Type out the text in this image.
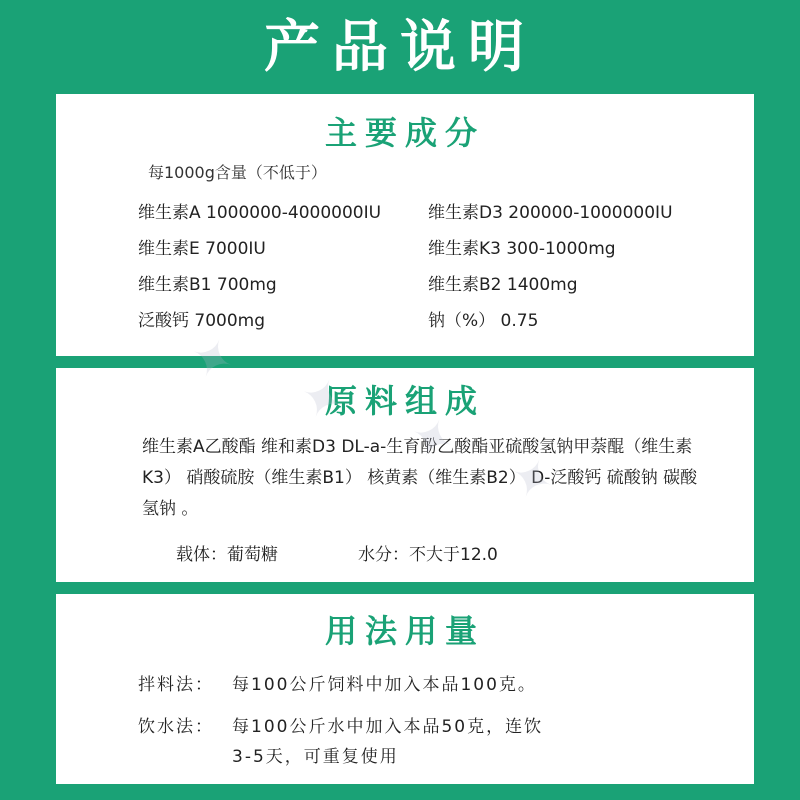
产品说明
主要成分
每1000g含量（不低于）
维生素A 1000000-4000000IU
维生素E 7000IU
维生素B1 700mg
泛酸钙 7000mg
维生素D3 200000-1000000IU
维生素K3 300-1000mg
维生素B2 1400mg
钠（%） 0.75
原料组成
维生素A乙酸酯 维和素D3 DL-a-生育酚乙酸酯亚硫酸氢钠甲萘醌（维生素K3） 硝酸硫胺（维生素B1） 核黄素（维生素B2） D-泛酸钙 硫酸钠 碳酸氢钠 。
载体：葡萄糖	水分：不大于12.0
用法用量
拌料法： 每100公斤饲料中加入本品100克。
饮水法： 每100公斤水中加入本品50克，连饮
3-5天，可重复使用
✦
✦
✦
✦
